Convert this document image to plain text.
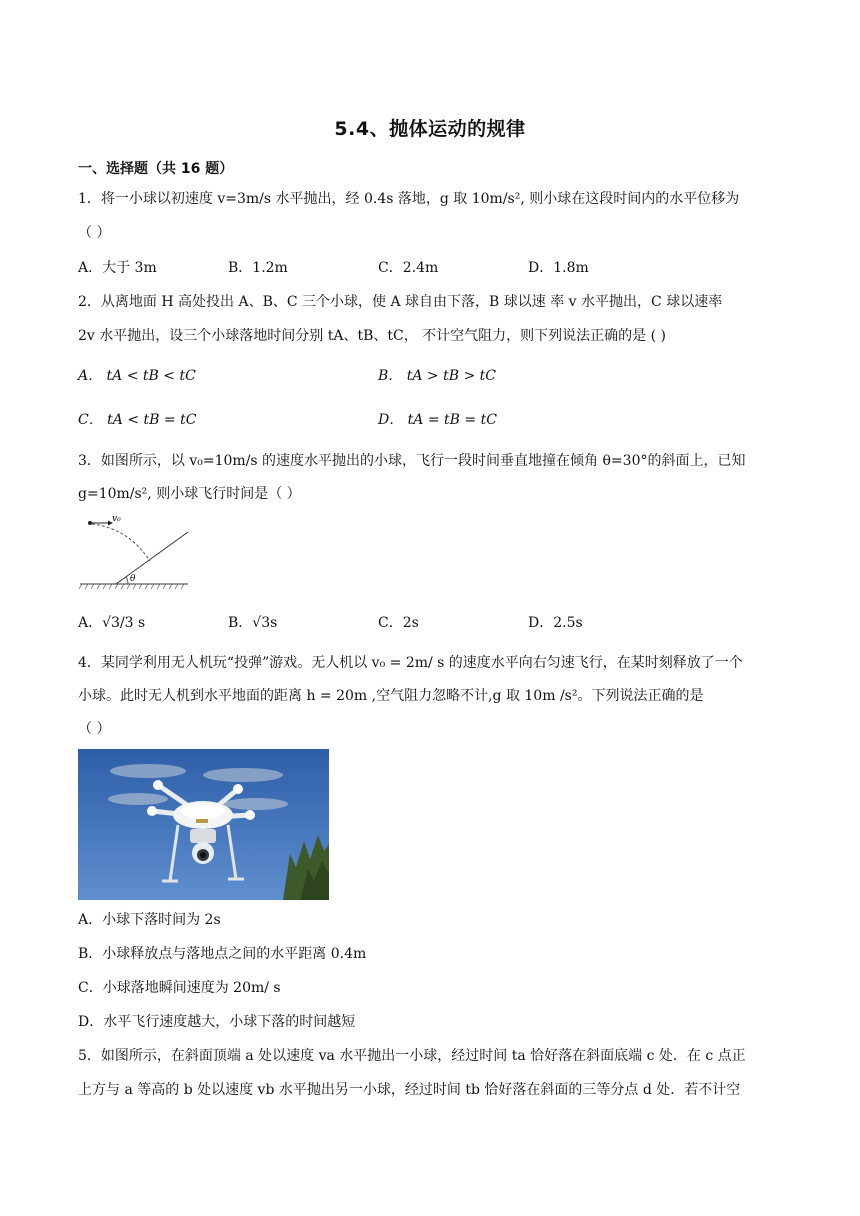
5.4、抛体运动的规律
一、选择题（共 16 题）
1．将一小球以初速度 v=3m/s 水平抛出，经 0.4s 落地，g 取 10m/s², 则小球在这段时间内的水平位移为
（ ）
A．大于 3m	B．1.2m	C．2.4m	D．1.8m
2．从离地面 H 高处投出 A、B、C 三个小球，使 A 球自由下落，B 球以速 率 v 水平抛出，C 球以速率
2v 水平抛出，设三个小球落地时间分别 tA、tB、tC， 不计空气阻力，则下列说法正确的是 ( )
A． tA < tB < tC	B． tA > tB > tC
C． tA < tB = tC	D． tA = tB = tC
3．如图所示，以 v₀=10m/s 的速度水平抛出的小球，飞行一段时间垂直地撞在倾角 θ=30°的斜面上，已知
g=10m/s², 则小球飞行时间是（ ）
θ
v₀
A．√3/3 s	B．√3s	C．2s	D．2.5s
4．某同学利用无人机玩“投弹”游戏。无人机以 v₀ = 2m/ s 的速度水平向右匀速飞行，在某时刻释放了一个
小球。此时无人机到水平地面的距离 h = 20m ,空气阻力忽略不计,g 取 10m /s²。下列说法正确的是
（ ）
A．小球下落时间为 2s
B．小球释放点与落地点之间的水平距离 0.4m
C．小球落地瞬间速度为 20m/ s
D．水平飞行速度越大，小球下落的时间越短
5．如图所示，在斜面顶端 a 处以速度 va 水平抛出一小球，经过时间 ta 恰好落在斜面底端 c 处．在 c 点正
上方与 a 等高的 b 处以速度 vb 水平抛出另一小球，经过时间 tb 恰好落在斜面的三等分点 d 处．若不计空
